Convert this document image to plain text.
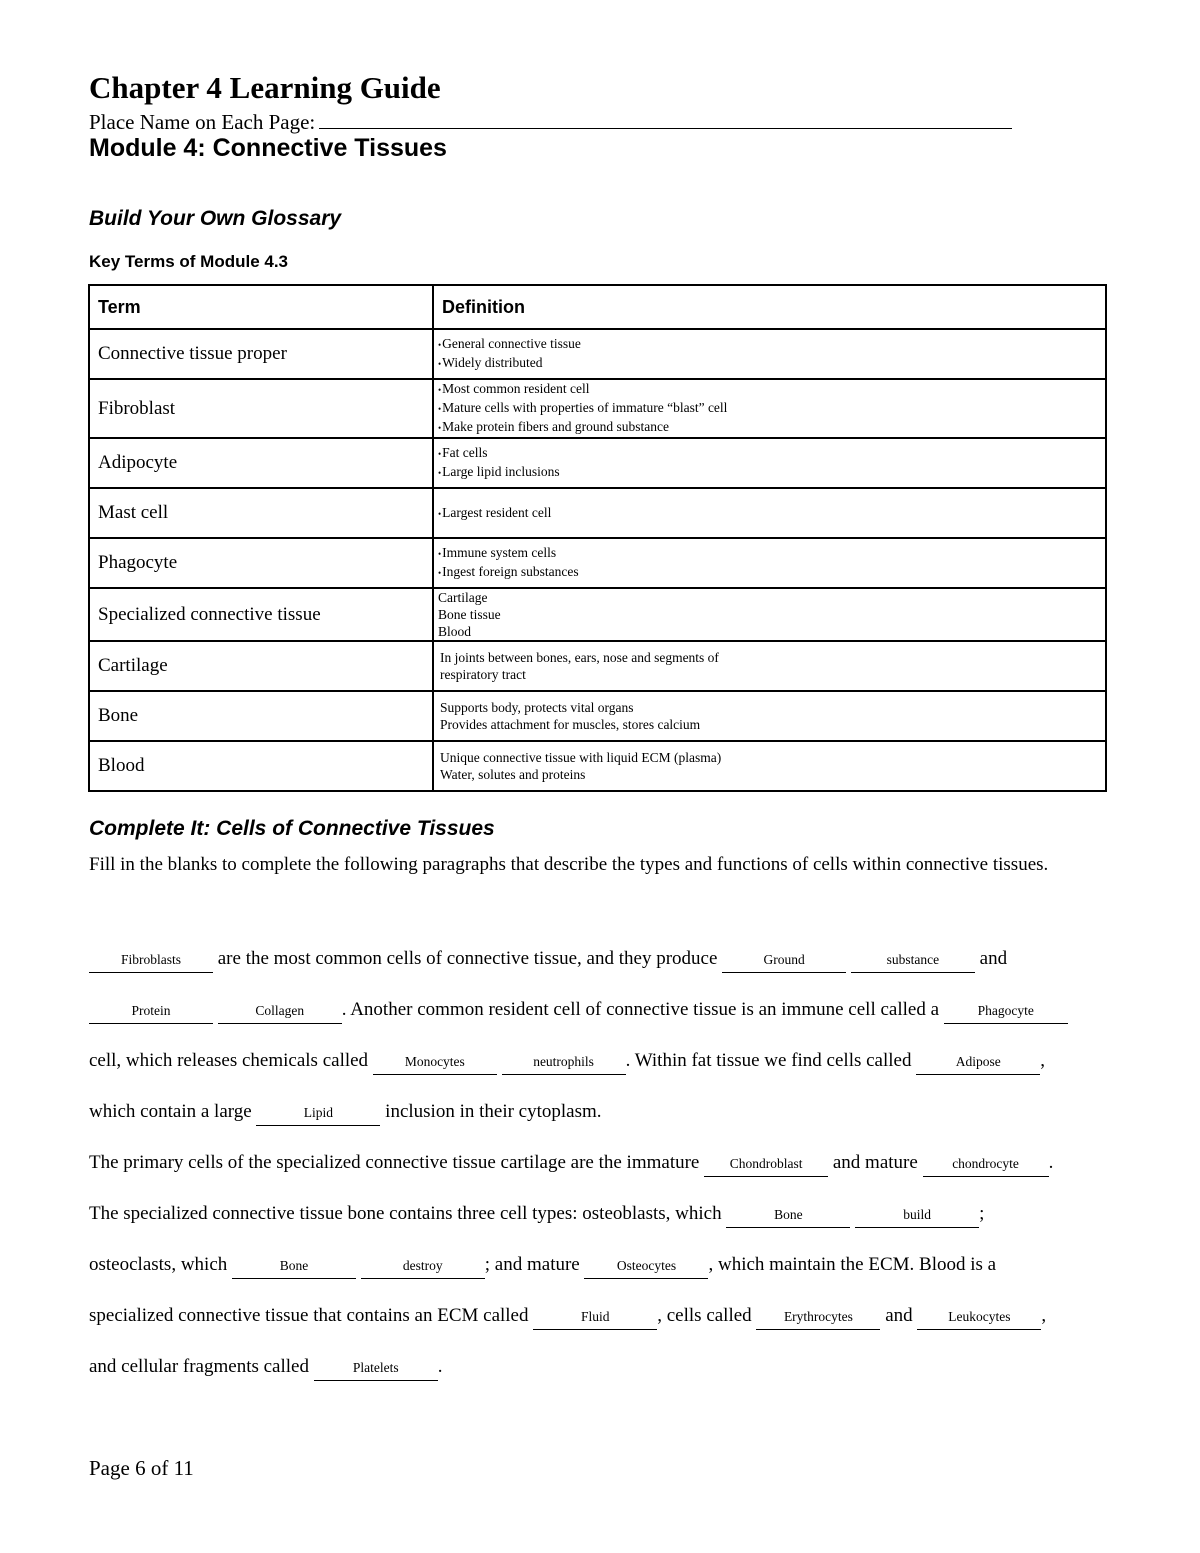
Chapter 4 Learning Guide
Place Name on Each Page:
Module 4: Connective Tissues
Build Your Own Glossary
Key Terms of Module 4.3
Term	Definition
Connective tissue proper	• General connective tissue
• Widely distributed

Fibroblast	• Most common resident cell
• Mature cells with properties of immature “blast” cell
• Make protein fibers and ground substance

Adipocyte	• Fat cells
• Large lipid inclusions

Mast cell	• Largest resident cell

Phagocyte	• Immune system cells
• Ingest foreign substances

Specialized connective tissue	Cartilage
Bone tissue
Blood

Cartilage	In joints between bones, ears, nose and segments of
respiratory tract

Bone	Supports body, protects vital organs
Provides attachment for muscles, stores calcium

Blood	Unique connective tissue with liquid ECM (plasma)
Water, solutes and proteins
Complete It: Cells of Connective Tissues
Fill in the blanks to complete the following paragraphs that describe the types and functions of cells within connective tissues.
Fibroblasts are the most common cells of connective tissue, and they produce	Ground	substance and
Protein	Collagen . Another common resident cell of connective tissue is an immune cell called a	Phagocyte
cell, which releases chemicals called	Monocytes	neutrophils . Within fat tissue we find cells called	Adipose ,
which contain a large	Lipid	inclusion in their cytoplasm.
The primary cells of the specialized connective tissue cartilage are the immature Chondroblast and mature	chondrocyte .
The specialized connective tissue bone contains three cell types: osteoblasts, which	Bone	build	;
osteoclasts, which	Bone	destroy ; and mature	Osteocytes , which maintain the ECM. Blood is a
specialized connective tissue that contains an ECM called	Fluid	, cells called Erythrocytes and	Leukocytes ,
and cellular fragments called	Platelets .
Page 6 of 11
